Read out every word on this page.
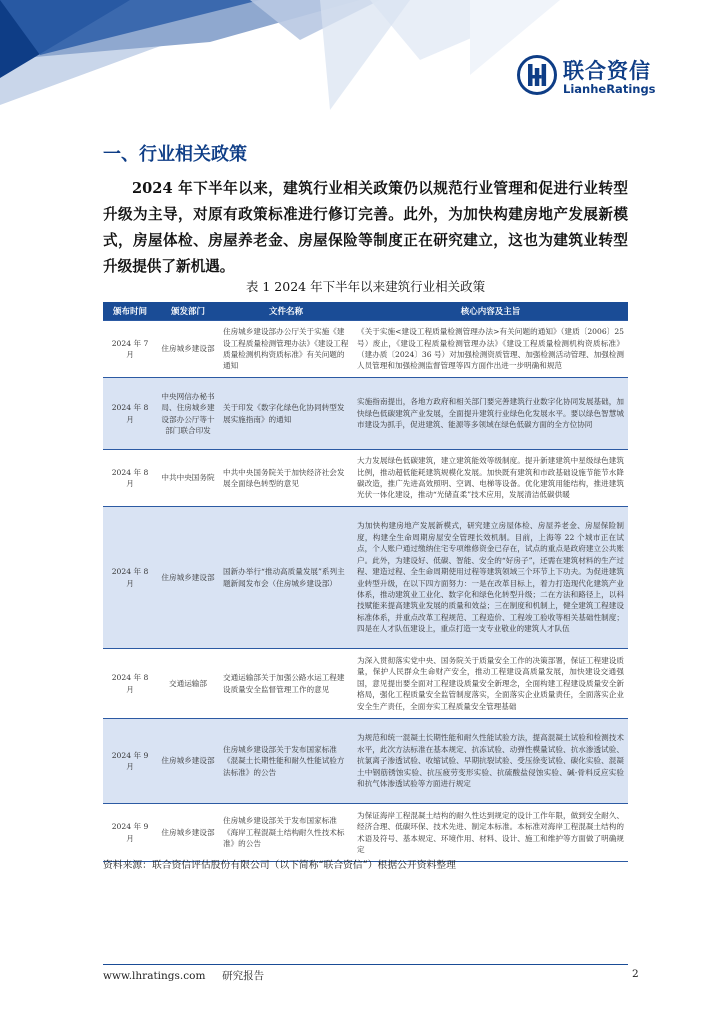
联合资信
LianheRatings
一、行业相关政策

2024 年下半年以来，建筑行业相关政策仍以规范行业管理和促进行业转型升级为主导，对原有政策标准进行修订完善。此外，为加快构建房地产发展新模式，房屋体检、房屋养老金、房屋保险等制度正在研究建立，这也为建筑业转型升级提供了新机遇。

表 1 2024 年下半年以来建筑行业相关政策
颁布时间	颁发部门	文件名称	核心内容及主旨
2024 年 7 月	住房城乡建设部	住房城乡建设部办公厅关于实施《建设工程质量检测管理办法》《建设工程质量检测机构资质标准》有关问题的通知	《关于实施<建设工程质量检测管理办法>有关问题的通知》（建质〔2006〕25 号）废止，《建设工程质量检测管理办法》《建设工程质量检测机构资质标准》（建办质〔2024〕36 号）对加强检测资质管理、加强检测活动管理、加强检测人员管理和加强检测监督管理等四方面作出进一步明确和规范
2024 年 8 月	中央网信办秘书局、住房城乡建设部办公厅等十部门联合印发	关于印发《数字化绿色化协同转型发展实施指南》的通知	实施指南提出，各地方政府和相关部门要完善建筑行业数字化协同发展基础，加快绿色低碳建筑产业发展，全面提升建筑行业绿色化发展水平。要以绿色智慧城市建设为抓手，促进建筑、能源等多领域在绿色低碳方面的全方位协同
2024 年 8 月	中共中央国务院	中共中央国务院关于加快经济社会发展全面绿色转型的意见	大力发展绿色低碳建筑，建立建筑能效等级制度。提升新建建筑中星级绿色建筑比例，推动超低能耗建筑规模化发展。加快既有建筑和市政基础设施节能节水降碳改造，推广先进高效照明、空调、电梯等设备。优化建筑用能结构，推进建筑光伏一体化建设，推动“光储直柔”技术应用，发展清洁低碳供暖
2024 年 8 月	住房城乡建设部	国新办举行“推动高质量发展”系列主题新闻发布会（住房城乡建设部）	为加快构建房地产发展新模式，研究建立房屋体检、房屋养老金、房屋保险制度，构建全生命周期房屋安全管理长效机制。目前，上海等 22 个城市正在试点，个人账户通过缴纳住宅专项维修资金已存在，试点的重点是政府建立公共账户。此外，为建设好、低碳、智能、安全的“好房子”，还需在建筑材料的生产过程、建造过程、全生命周期使用过程等建筑领域三个环节上下功夫。为促进建筑业转型升级，在以下四方面努力：一是在改革目标上，着力打造现代化建筑产业体系，推动建筑业工业化、数字化和绿色化转型升级；二在方法和路径上，以科技赋能来提高建筑业发展的质量和效益；三在制度和机制上，健全建筑工程建设标准体系，并重点改革工程规范、工程造价、工程竣工验收等相关基础性制度；四是在人才队伍建设上，重点打造一支专业敬业的建筑人才队伍
2024 年 8 月	交通运输部	交通运输部关于加强公路水运工程建设质量安全监督管理工作的意见	为深入贯彻落实党中央、国务院关于质量安全工作的决策部署，保证工程建设质量，保护人民群众生命财产安全，推动工程建设高质量发展，加快建设交通强国，意见提出要全面对工程建设质量安全新理念，全面构建工程建设质量安全新格局，强化工程质量安全监管制度落实，全面落实企业质量责任，全面落实企业安全生产责任，全面夯实工程质量安全管理基础
2024 年 9 月	住房城乡建设部	住房城乡建设部关于发布国家标准《混凝土长期性能和耐久性能试验方法标准》的公告	为规范和统一混凝土长期性能和耐久性能试验方法，提高混凝土试验和检测技术水平，此次方法标准在基本规定、抗冻试验、动弹性模量试验、抗水渗透试验、抗氯离子渗透试验、收缩试验、早期抗裂试验、受压徐变试验、碳化实验、混凝土中钢筋锈蚀实验、抗压疲劳变形实验、抗硫酸盐侵蚀实验、碱-骨料反应实验和抗气体渗透试验等方面进行规定
2024 年 9 月	住房城乡建设部	住房城乡建设部关于发布国家标准《海岸工程混凝土结构耐久性技术标准》的公告	为保证海岸工程混凝土结构的耐久性达到规定的设计工作年限，做到安全耐久、经济合理、低碳环保、技术先进、制定本标准。本标准对海岸工程混凝土结构的术语及符号、基本规定、环境作用、材料、设计、施工和维护等方面做了明确规定
资料来源：联合资信评估股份有限公司（以下简称“联合资信”）根据公开资料整理
www.lhratings.com 研究报告	2
